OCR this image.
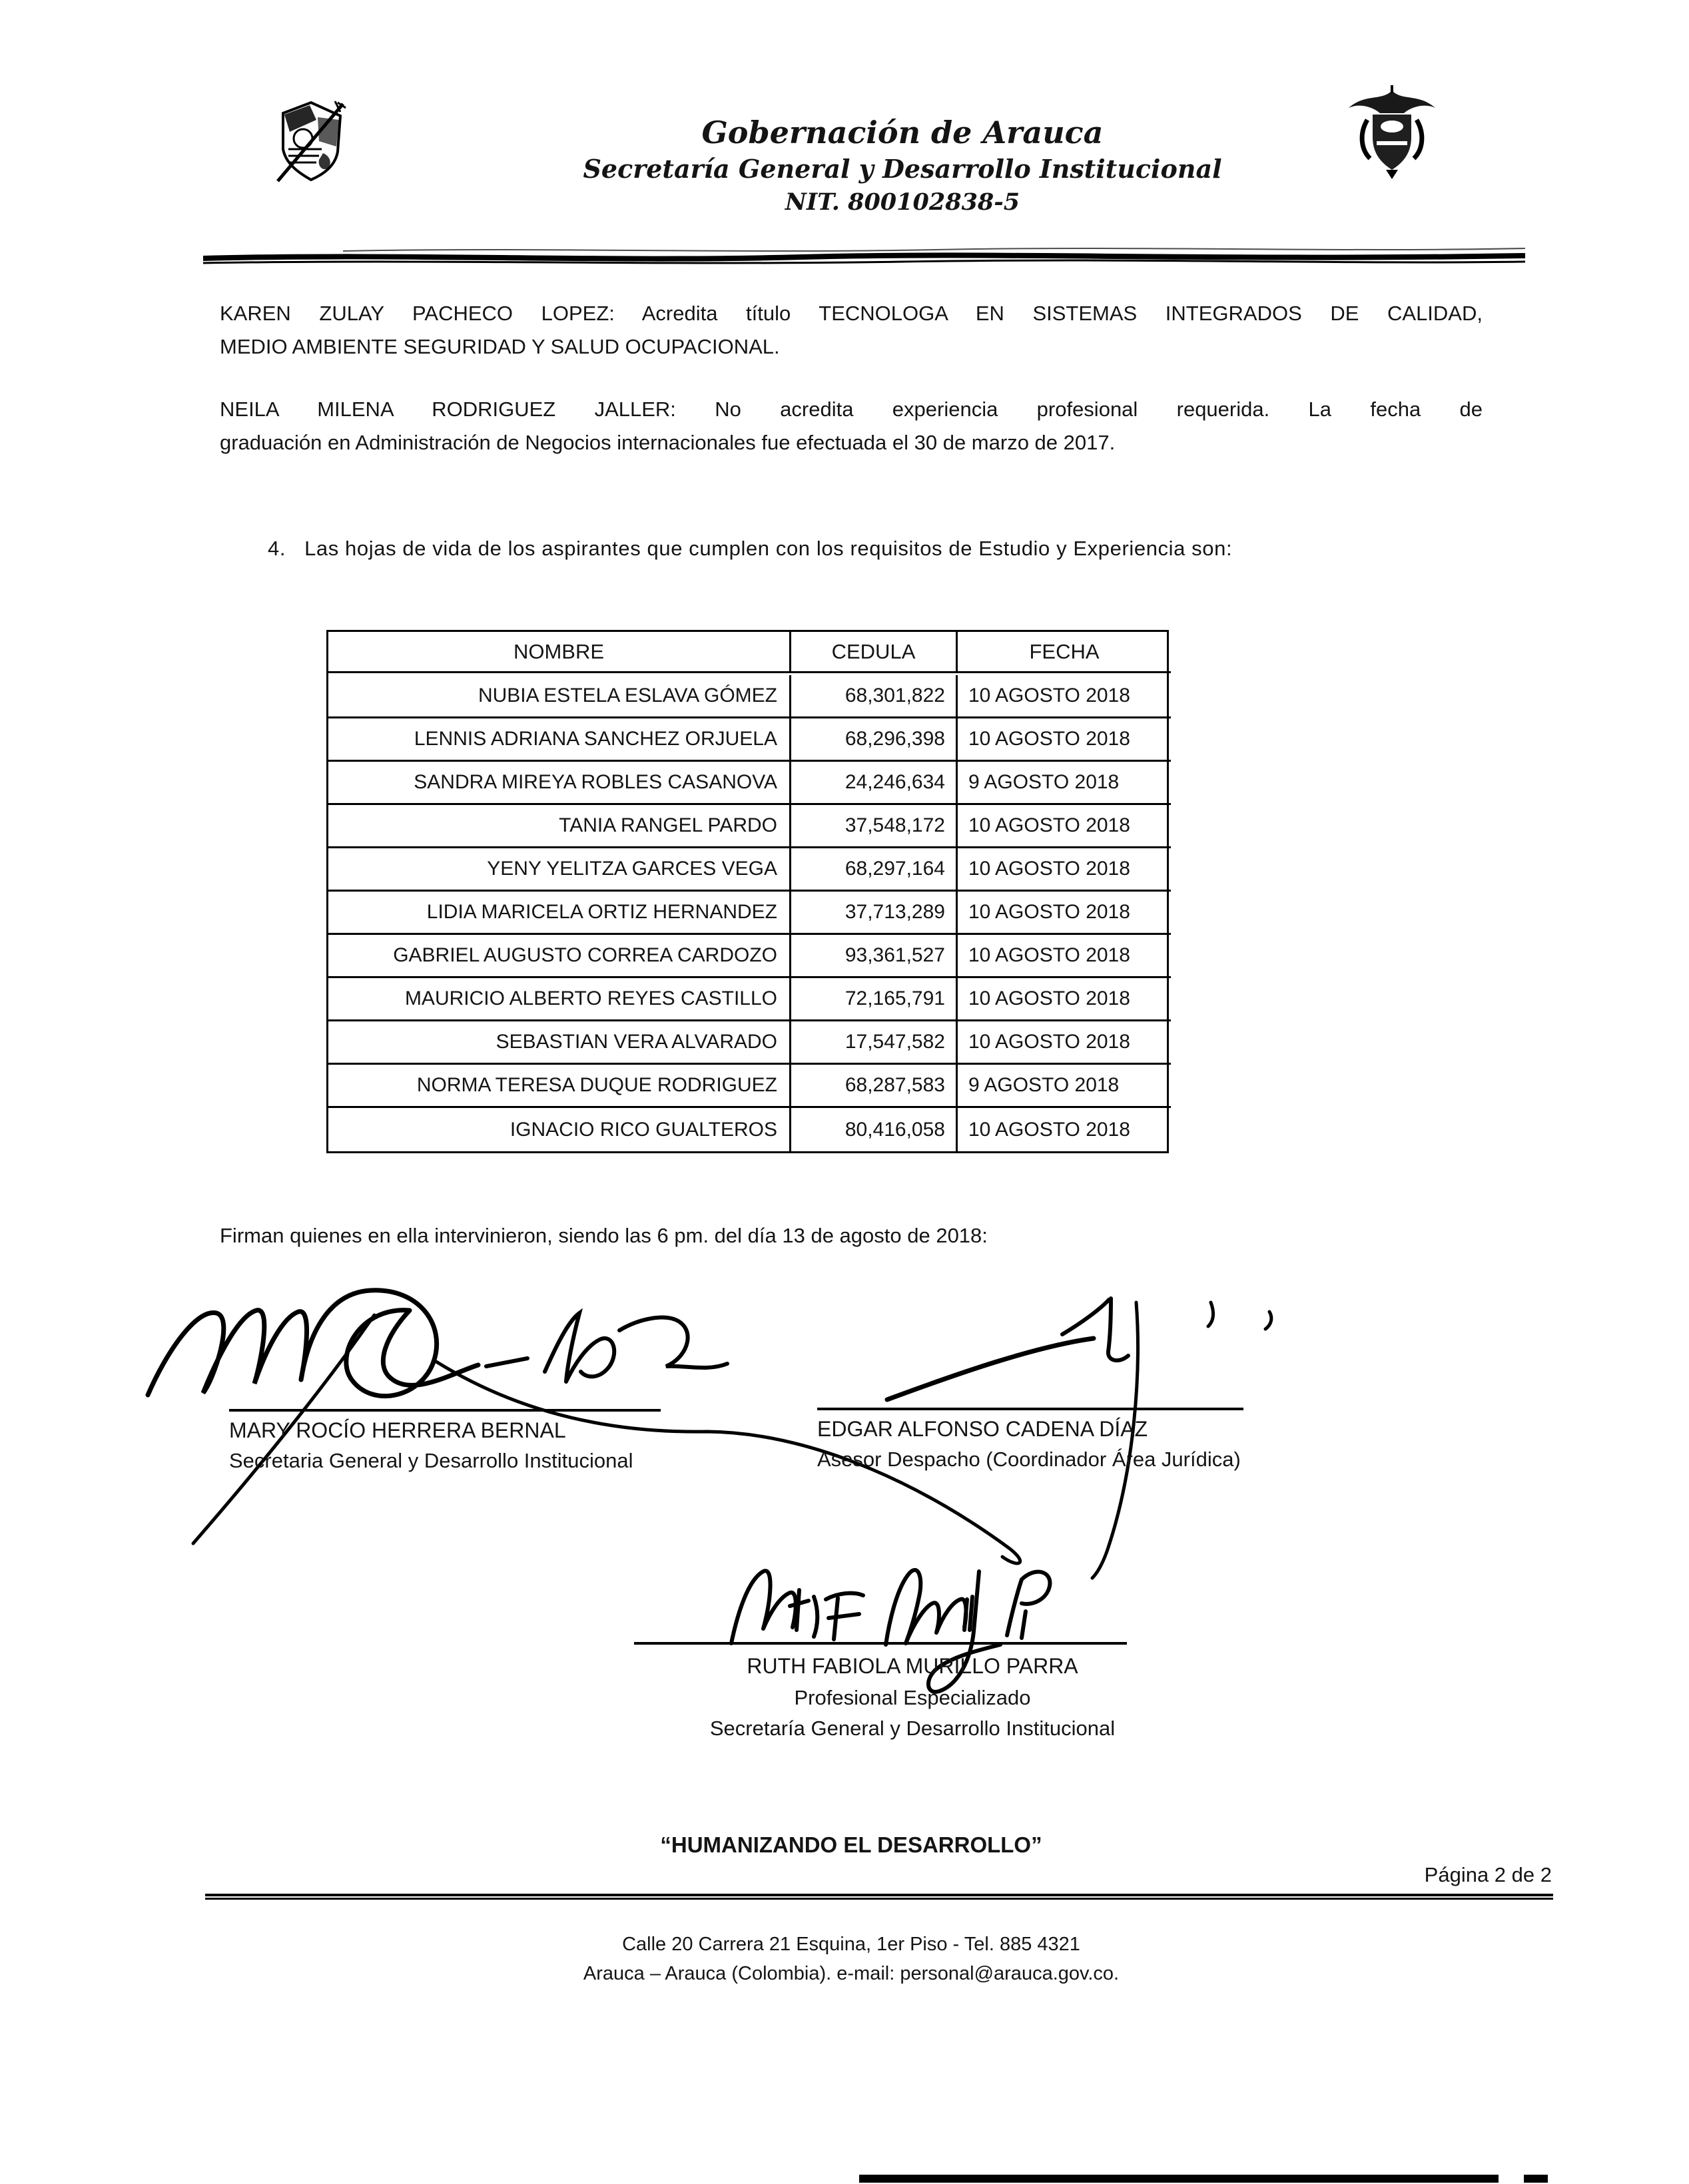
Gobernación de Arauca
Secretaría General y Desarrollo Institucional
NIT. 800102838-5
KAREN ZULAY PACHECO LOPEZ: Acredita título TECNOLOGA EN SISTEMAS INTEGRADOS DE CALIDAD,
MEDIO AMBIENTE SEGURIDAD Y SALUD OCUPACIONAL.
NEILA MILENA RODRIGUEZ JALLER: No acredita experiencia profesional requerida. La fecha de
graduación en Administración de Negocios internacionales fue efectuada el 30 de marzo de 2017.
4. Las hojas de vida de los aspirantes que cumplen con los requisitos de Estudio y Experiencia son:
NOMBRE	CEDULA	FECHA
NUBIA ESTELA ESLAVA GÓMEZ	68,301,822	10 AGOSTO 2018
LENNIS ADRIANA SANCHEZ ORJUELA	68,296,398	10 AGOSTO 2018
SANDRA MIREYA ROBLES CASANOVA	24,246,634	9 AGOSTO 2018
TANIA RANGEL PARDO	37,548,172	10 AGOSTO 2018
YENY YELITZA GARCES VEGA	68,297,164	10 AGOSTO 2018
LIDIA MARICELA ORTIZ HERNANDEZ	37,713,289	10 AGOSTO 2018
GABRIEL AUGUSTO CORREA CARDOZO	93,361,527	10 AGOSTO 2018
MAURICIO ALBERTO REYES CASTILLO	72,165,791	10 AGOSTO 2018
SEBASTIAN VERA ALVARADO	17,547,582	10 AGOSTO 2018
NORMA TERESA DUQUE RODRIGUEZ	68,287,583	9 AGOSTO 2018
IGNACIO RICO GUALTEROS	80,416,058	10 AGOSTO 2018
Firman quienes en ella intervinieron, siendo las 6 pm. del día 13 de agosto de 2018:
MARY ROCÍO HERRERA BERNAL
Secretaria General y Desarrollo Institucional
EDGAR ALFONSO CADENA DÍAZ
Asesor Despacho (Coordinador Área Jurídica)
RUTH FABIOLA MURILLO PARRA
Profesional Especializado
Secretaría General y Desarrollo Institucional
“HUMANIZANDO EL DESARROLLO”
Página 2 de 2
Calle 20 Carrera 21 Esquina, 1er Piso - Tel. 885 4321
Arauca – Arauca (Colombia). e-mail: personal@arauca.gov.co.
